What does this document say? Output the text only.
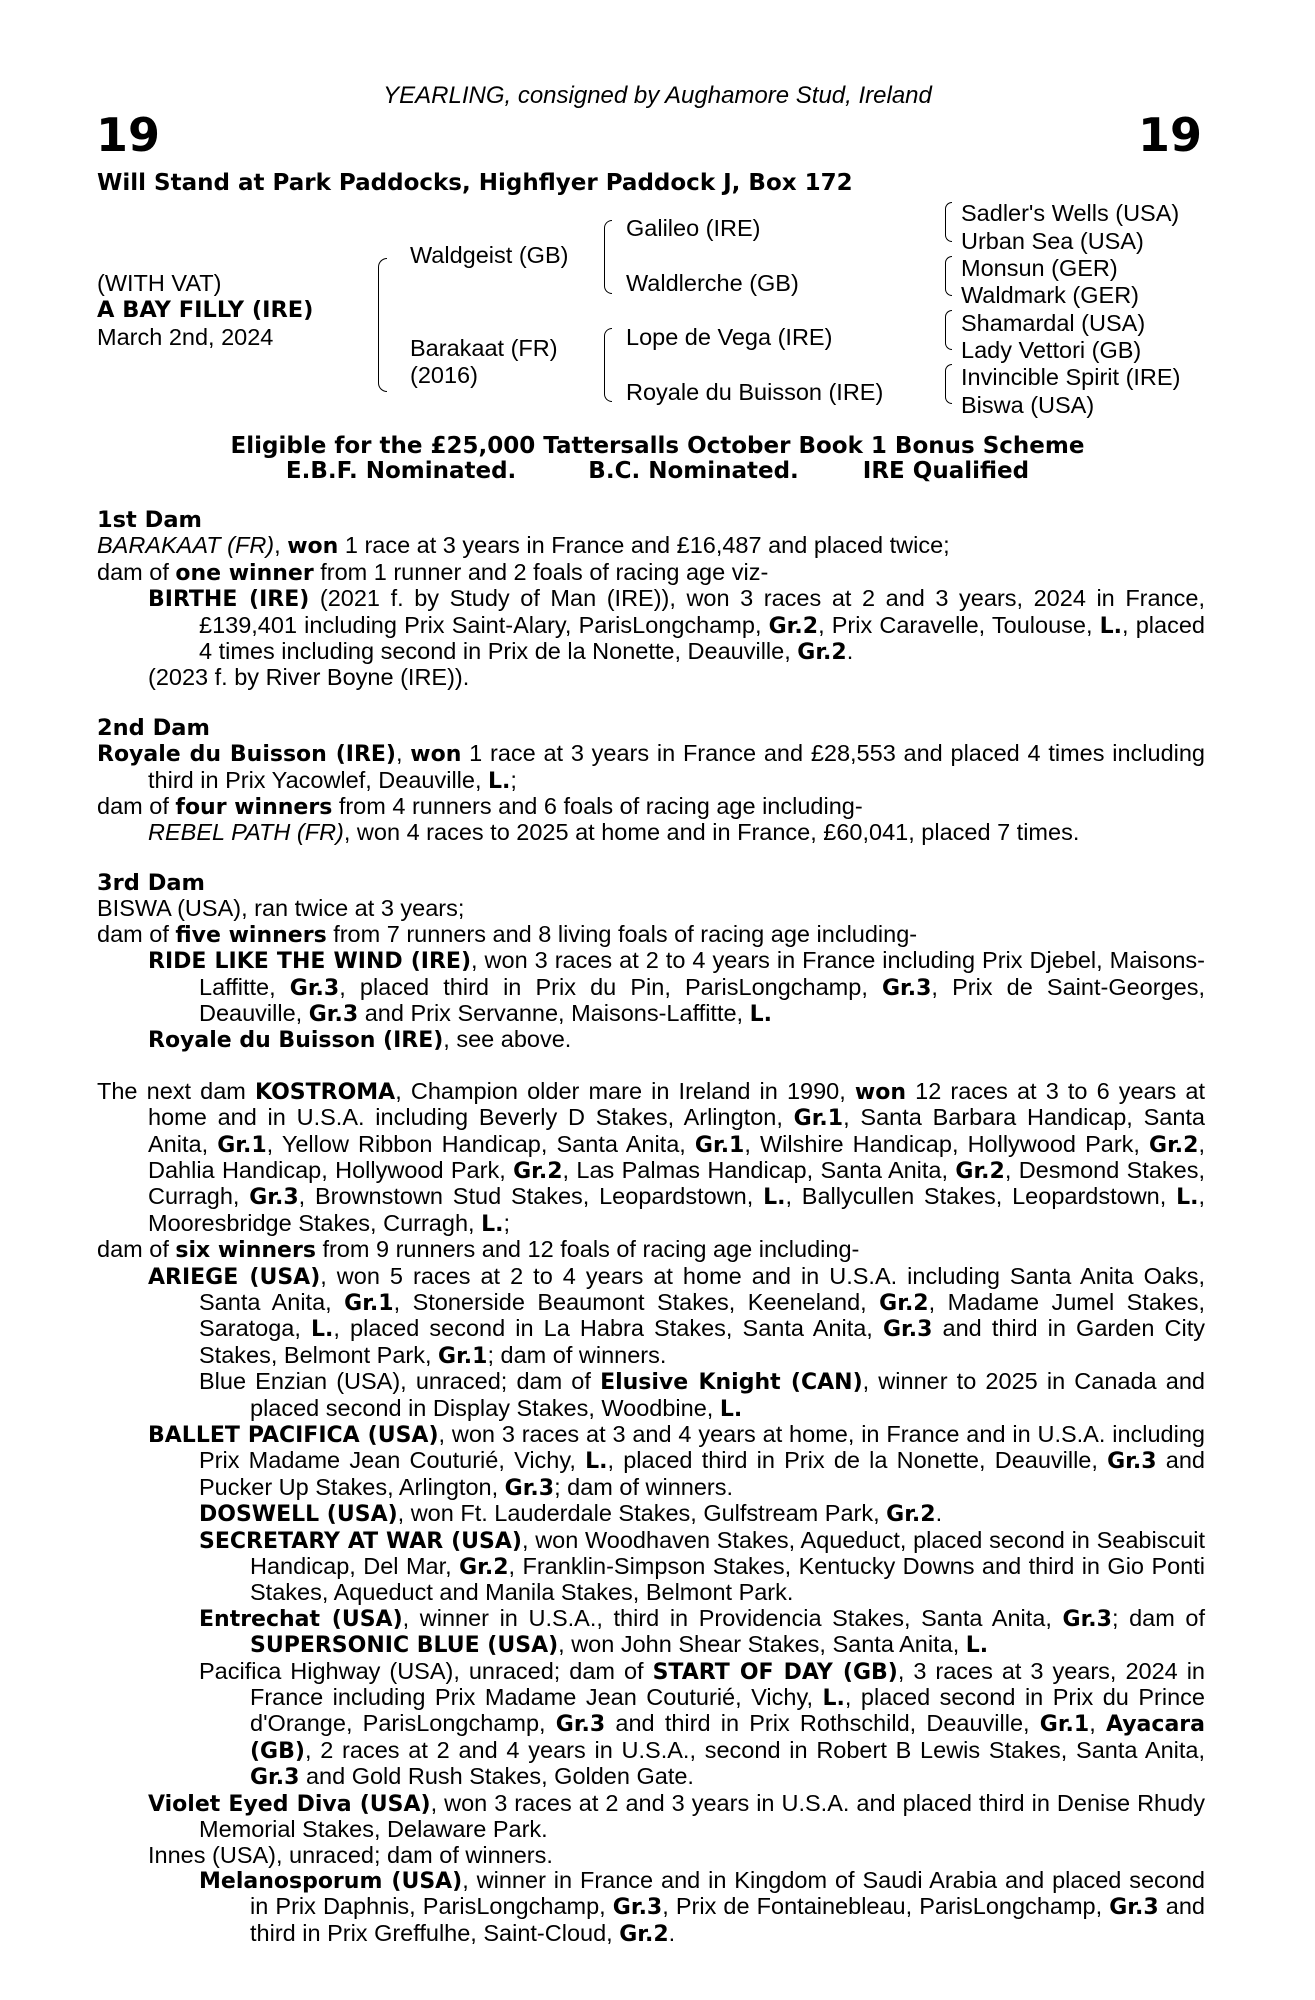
YEARLING, consigned by Aughamore Stud, Ireland
19	19
Will Stand at Park Paddocks, Highflyer Paddock J, Box 172
(WITH VAT)
A BAY FILLY (IRE)
March 2nd, 2024
Waldgeist (GB)
Barakaat (FR)
(2016)
Galileo (IRE)
Waldlerche (GB)
Lope de Vega (IRE)
Royale du Buisson (IRE)
Sadler's Wells (USA)
Urban Sea (USA)
Monsun (GER)
Waldmark (GER)
Shamardal (USA)
Lady Vettori (GB)
Invincible Spirit (IRE)
Biswa (USA)
Eligible for the £25,000 Tattersalls October Book 1 Bonus Scheme
E.B.F. Nominated.	B.C. Nominated.	IRE Qualified

1st Dam

BARAKAAT (FR), won 1 race at 3 years in France and £16,487 and placed twice;

dam of one winner from 1 runner and 2 foals of racing age viz-

BIRTHE (IRE) (2021 f. by Study of Man (IRE)), won 3 races at 2 and 3 years, 2024 in France, £139,401 including Prix Saint-Alary, ParisLongchamp, Gr.2, Prix Caravelle, Toulouse, L., placed 4 times including second in Prix de la Nonette, Deauville, Gr.2.

(2023 f. by River Boyne (IRE)).

2nd Dam

Royale du Buisson (IRE), won 1 race at 3 years in France and £28,553 and placed 4 times including third in Prix Yacowlef, Deauville, L.;

dam of four winners from 4 runners and 6 foals of racing age including-

REBEL PATH (FR), won 4 races to 2025 at home and in France, £60,041, placed 7 times.

3rd Dam

BISWA (USA), ran twice at 3 years;

dam of five winners from 7 runners and 8 living foals of racing age including-

RIDE LIKE THE WIND (IRE), won 3 races at 2 to 4 years in France including Prix Djebel, Maisons-Laffitte, Gr.3, placed third in Prix du Pin, ParisLongchamp, Gr.3, Prix de Saint-Georges, Deauville, Gr.3 and Prix Servanne, Maisons-Laffitte, L.

Royale du Buisson (IRE), see above.

The next dam KOSTROMA, Champion older mare in Ireland in 1990, won 12 races at 3 to 6 years at home and in U.S.A. including Beverly D Stakes, Arlington, Gr.1, Santa Barbara Handicap, Santa Anita, Gr.1, Yellow Ribbon Handicap, Santa Anita, Gr.1, Wilshire Handicap, Hollywood Park, Gr.2, Dahlia Handicap, Hollywood Park, Gr.2, Las Palmas Handicap, Santa Anita, Gr.2, Desmond Stakes, Curragh, Gr.3, Brownstown Stud Stakes, Leopardstown, L., Ballycullen Stakes, Leopardstown, L., Mooresbridge Stakes, Curragh, L.;

dam of six winners from 9 runners and 12 foals of racing age including-

ARIEGE (USA), won 5 races at 2 to 4 years at home and in U.S.A. including Santa Anita Oaks, Santa Anita, Gr.1, Stonerside Beaumont Stakes, Keeneland, Gr.2, Madame Jumel Stakes, Saratoga, L., placed second in La Habra Stakes, Santa Anita, Gr.3 and third in Garden City Stakes, Belmont Park, Gr.1; dam of winners.

Blue Enzian (USA), unraced; dam of Elusive Knight (CAN), winner to 2025 in Canada and placed second in Display Stakes, Woodbine, L.

BALLET PACIFICA (USA), won 3 races at 3 and 4 years at home, in France and in U.S.A. including Prix Madame Jean Couturié, Vichy, L., placed third in Prix de la Nonette, Deauville, Gr.3 and Pucker Up Stakes, Arlington, Gr.3; dam of winners.

DOSWELL (USA), won Ft. Lauderdale Stakes, Gulfstream Park, Gr.2.

SECRETARY AT WAR (USA), won Woodhaven Stakes, Aqueduct, placed second in Seabiscuit Handicap, Del Mar, Gr.2, Franklin-Simpson Stakes, Kentucky Downs and third in Gio Ponti Stakes, Aqueduct and Manila Stakes, Belmont Park.

Entrechat (USA), winner in U.S.A., third in Providencia Stakes, Santa Anita, Gr.3; dam of SUPERSONIC BLUE (USA), won John Shear Stakes, Santa Anita, L.

Pacifica Highway (USA), unraced; dam of START OF DAY (GB), 3 races at 3 years, 2024 in France including Prix Madame Jean Couturié, Vichy, L., placed second in Prix du Prince d'Orange, ParisLongchamp, Gr.3 and third in Prix Rothschild, Deauville, Gr.1, Ayacara (GB), 2 races at 2 and 4 years in U.S.A., second in Robert B Lewis Stakes, Santa Anita, Gr.3 and Gold Rush Stakes, Golden Gate.

Violet Eyed Diva (USA), won 3 races at 2 and 3 years in U.S.A. and placed third in Denise Rhudy Memorial Stakes, Delaware Park.

Innes (USA), unraced; dam of winners.

Melanosporum (USA), winner in France and in Kingdom of Saudi Arabia and placed second in Prix Daphnis, ParisLongchamp, Gr.3, Prix de Fontainebleau, ParisLongchamp, Gr.3 and third in Prix Greffulhe, Saint-Cloud, Gr.2.
